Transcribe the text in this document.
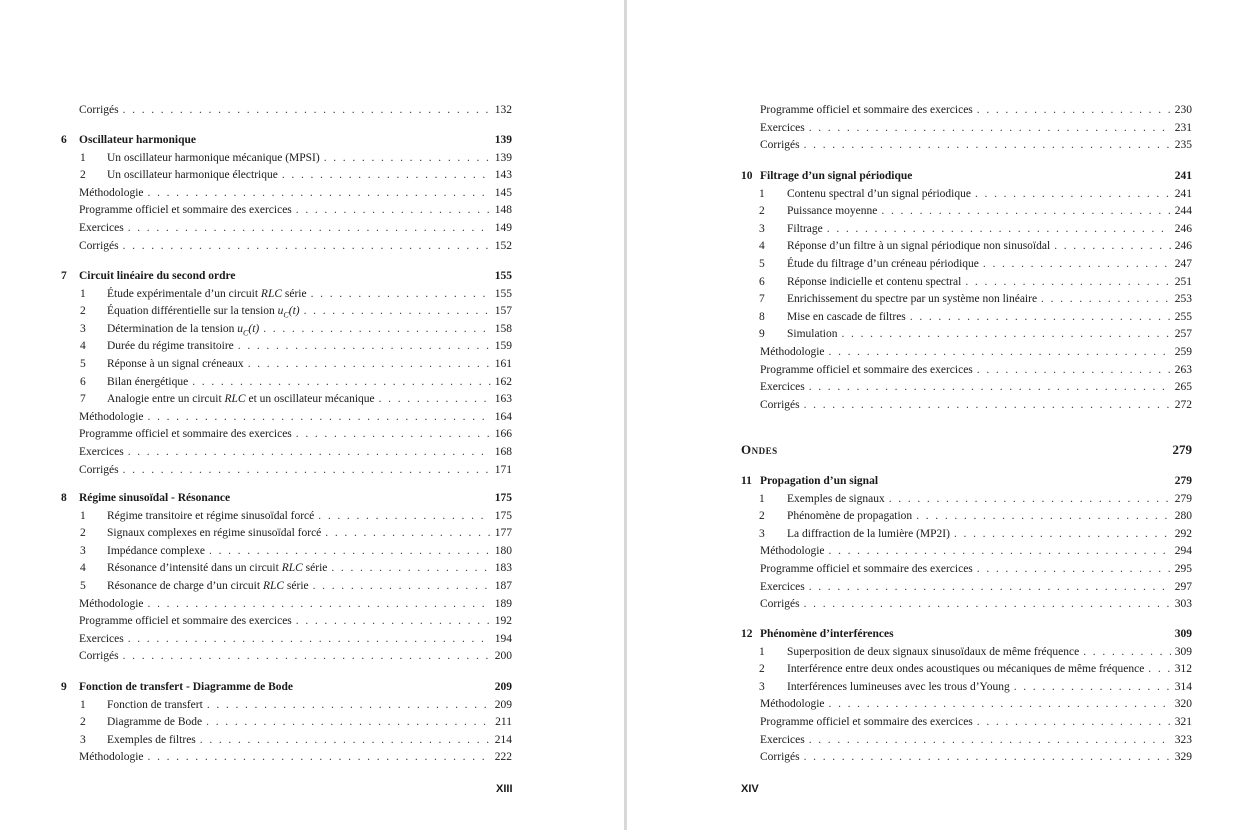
Corrigés . . .	132
6 Oscillateur harmonique	139
1 Un oscillateur harmonique mécanique (MPSI) . . .	139
2 Un oscillateur harmonique électrique . . .	143
Méthodologie . . .	145
Programme officiel et sommaire des exercices . . .	148
Exercices . . .	149
Corrigés . . .	152
7 Circuit linéaire du second ordre	155
1 Étude expérimentale d’un circuit RLC série . . .	155
2 Équation différentielle sur la tension $u_C(t)$ . . .	157
3 Détermination de la tension $u_C(t)$ . . .	158
4 Durée du régime transitoire . . .	159
5 Réponse à un signal créneaux . . .	161
6 Bilan énergétique . . .	162
7 Analogie entre un circuit RLC et un oscillateur mécanique . . .	163
Méthodologie . . .	164
Programme officiel et sommaire des exercices . . .	166
Exercices . . .	168
Corrigés . . .	171
8 Régime sinusoïdal - Résonance	175
1 Régime transitoire et régime sinusoïdal forcé . . .	175
2 Signaux complexes en régime sinusoïdal forcé . . .	177
3 Impédance complexe . . .	180
4 Résonance d’intensité dans un circuit RLC série . . .	183
5 Résonance de charge d’un circuit RLC série . . .	187
Méthodologie . . .	189
Programme officiel et sommaire des exercices . . .	192
Exercices . . .	194
Corrigés . . .	200
9 Fonction de transfert - Diagramme de Bode	209
1 Fonction de transfert . . .	209
2 Diagramme de Bode . . .	211
3 Exemples de filtres . . .	214
Méthodologie . . .	222
XIII
Programme officiel et sommaire des exercices . . .	230
Exercices . . .	231
Corrigés . . .	235
10 Filtrage d’un signal périodique	241
1 Contenu spectral d’un signal périodique . . .	241
2 Puissance moyenne . . .	244
3 Filtrage . . .	246
4 Réponse d’un filtre à un signal périodique non sinusoïdal . . .	246
5 Étude du filtrage d’un créneau périodique . . .	247
6 Réponse indicielle et contenu spectral . . .	251
7 Enrichissement du spectre par un système non linéaire . . .	253
8 Mise en cascade de filtres . . .	255
9 Simulation . . .	257
Méthodologie . . .	259
Programme officiel et sommaire des exercices . . .	263
Exercices . . .	265
Corrigés . . .	272
Ondes	279
11 Propagation d’un signal	279
1 Exemples de signaux . . .	279
2 Phénomène de propagation . . .	280
3 La diffraction de la lumière (MP2I) . . .	292
Méthodologie . . .	294
Programme officiel et sommaire des exercices . . .	295
Exercices . . .	297
Corrigés . . .	303
12 Phénomène d’interférences	309
1 Superposition de deux signaux sinusoïdaux de même fréquence . . .	309
2 Interférence entre deux ondes acoustiques ou mécaniques de même fréquence . . .	312
3 Interférences lumineuses avec les trous d’Young . . .	314
Méthodologie . . .	320
Programme officiel et sommaire des exercices . . .	321
Exercices . . .	323
Corrigés . . .	329
XIV
